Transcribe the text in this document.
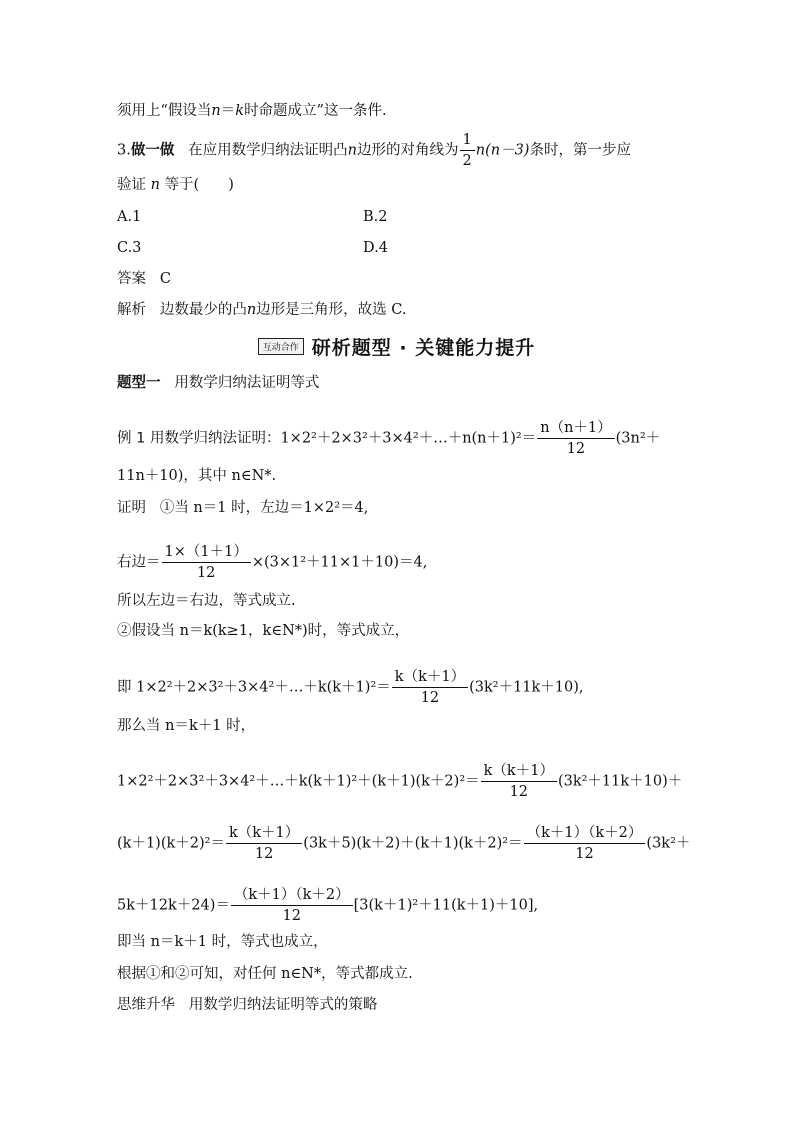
须用上“假设当n＝k时命题成立”这一条件.
3.做一做 在应用数学归纳法证明凸n边形的对角线为 $\frac{1}{2} n(n-3)$条时，第一步应
验证 n 等于(　　)
A.1	B.2
C.3	D.4
答案 C
解析 边数最少的凸n边形是三角形，故选 C.
互动合作 研析题型 · 关键能力提升
题型一 用数学归纳法证明等式
例 1 用数学归纳法证明：1×2²＋2×3²＋3×4²＋…＋n(n＋1)²＝ $\frac{n(n+1)}{12} (3n^2+$
11n＋10)，其中 n∈N*.
证明 ①当 n＝1 时，左边＝1×2²＝4,
右边＝ $\frac{1\times(1+1)}{12} \times(3\times 1^2+11\times 1+10)=4$,
所以左边＝右边，等式成立.
②假设当 n＝k(k≥1，k∈N*)时，等式成立，
即 1×2²＋2×3²＋3×4²＋…＋k(k＋1)²＝ $\frac{k(k+1)}{12} (3k^2+11k+10)$,
那么当 n＝k＋1 时，
1×2²＋2×3²＋3×4²＋…＋k(k＋1)²＋(k＋1)(k＋2)²＝ $\frac{k(k+1)}{12} (3k^2+11k+10)+$
$(k+1)(k+2)^2= \frac{k(k+1)}{12} (3k+5)(k+2)+(k+1)(k+2)^2= \frac{(k+1)(k+2)}{12} (3k^2+$
$5k+12k+24)= \frac{(k+1)(k+2)}{12} [3(k+1)^2+11(k+1)+10]$,
即当 n＝k＋1 时，等式也成立，
根据①和②可知，对任何 n∈N*，等式都成立.
思维升华 用数学归纳法证明等式的策略
